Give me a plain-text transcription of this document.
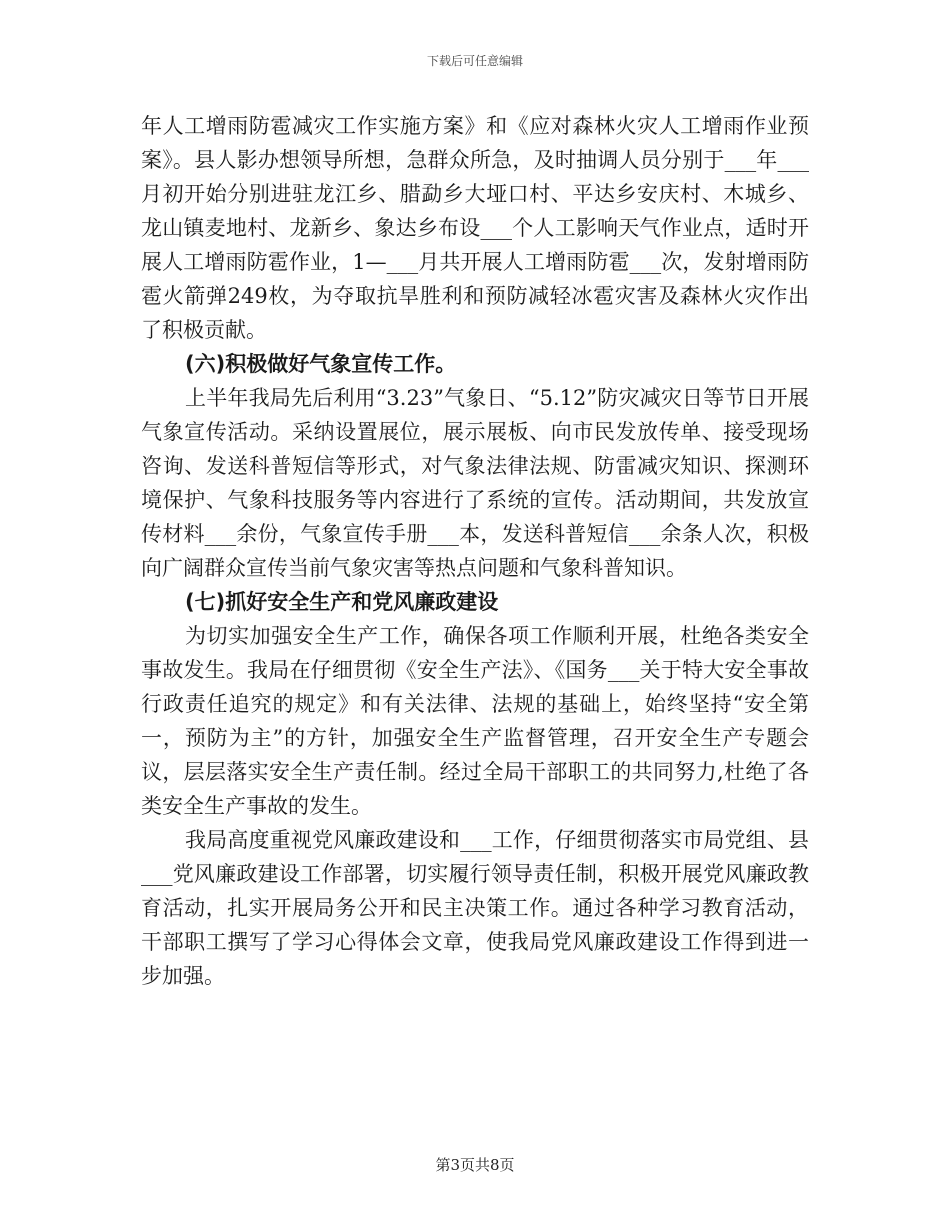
下载后可任意编辑

年人工增雨防雹减灾工作实施方案》和《应对森林火灾人工增雨作业预案》。县人影办想领导所想，急群众所急，及时抽调人员分别于___年___月初开始分别进驻龙江乡、腊勐乡大垭口村、平达乡安庆村、木城乡、龙山镇麦地村、龙新乡、象达乡布设___个人工影响天气作业点，适时开展人工增雨防雹作业，1—___月共开展人工增雨防雹___次，发射增雨防雹火箭弹249枚，为夺取抗旱胜利和预防减轻冰雹灾害及森林火灾作出了积极贡献。

(六)积极做好气象宣传工作。

上半年我局先后利用“3.23”气象日、“5.12”防灾减灾日等节日开展气象宣传活动。采纳设置展位，展示展板、向市民发放传单、接受现场咨询、发送科普短信等形式，对气象法律法规、防雷减灾知识、探测环境保护、气象科技服务等内容进行了系统的宣传。活动期间，共发放宣传材料___余份，气象宣传手册___本，发送科普短信___余条人次，积极向广阔群众宣传当前气象灾害等热点问题和气象科普知识。

(七)抓好安全生产和党风廉政建设

为切实加强安全生产工作，确保各项工作顺利开展，杜绝各类安全事故发生。我局在仔细贯彻《安全生产法》、《国务___关于特大安全事故行政责任追究的规定》和有关法律、法规的基础上，始终坚持“安全第一，预防为主”的方针，加强安全生产监督管理，召开安全生产专题会议，层层落实安全生产责任制。经过全局干部职工的共同努力,杜绝了各类安全生产事故的发生。

我局高度重视党风廉政建设和___工作，仔细贯彻落实市局党组、县___党风廉政建设工作部署，切实履行领导责任制，积极开展党风廉政教育活动，扎实开展局务公开和民主决策工作。通过各种学习教育活动，干部职工撰写了学习心得体会文章，使我局党风廉政建设工作得到进一步加强。

第3页共8页
